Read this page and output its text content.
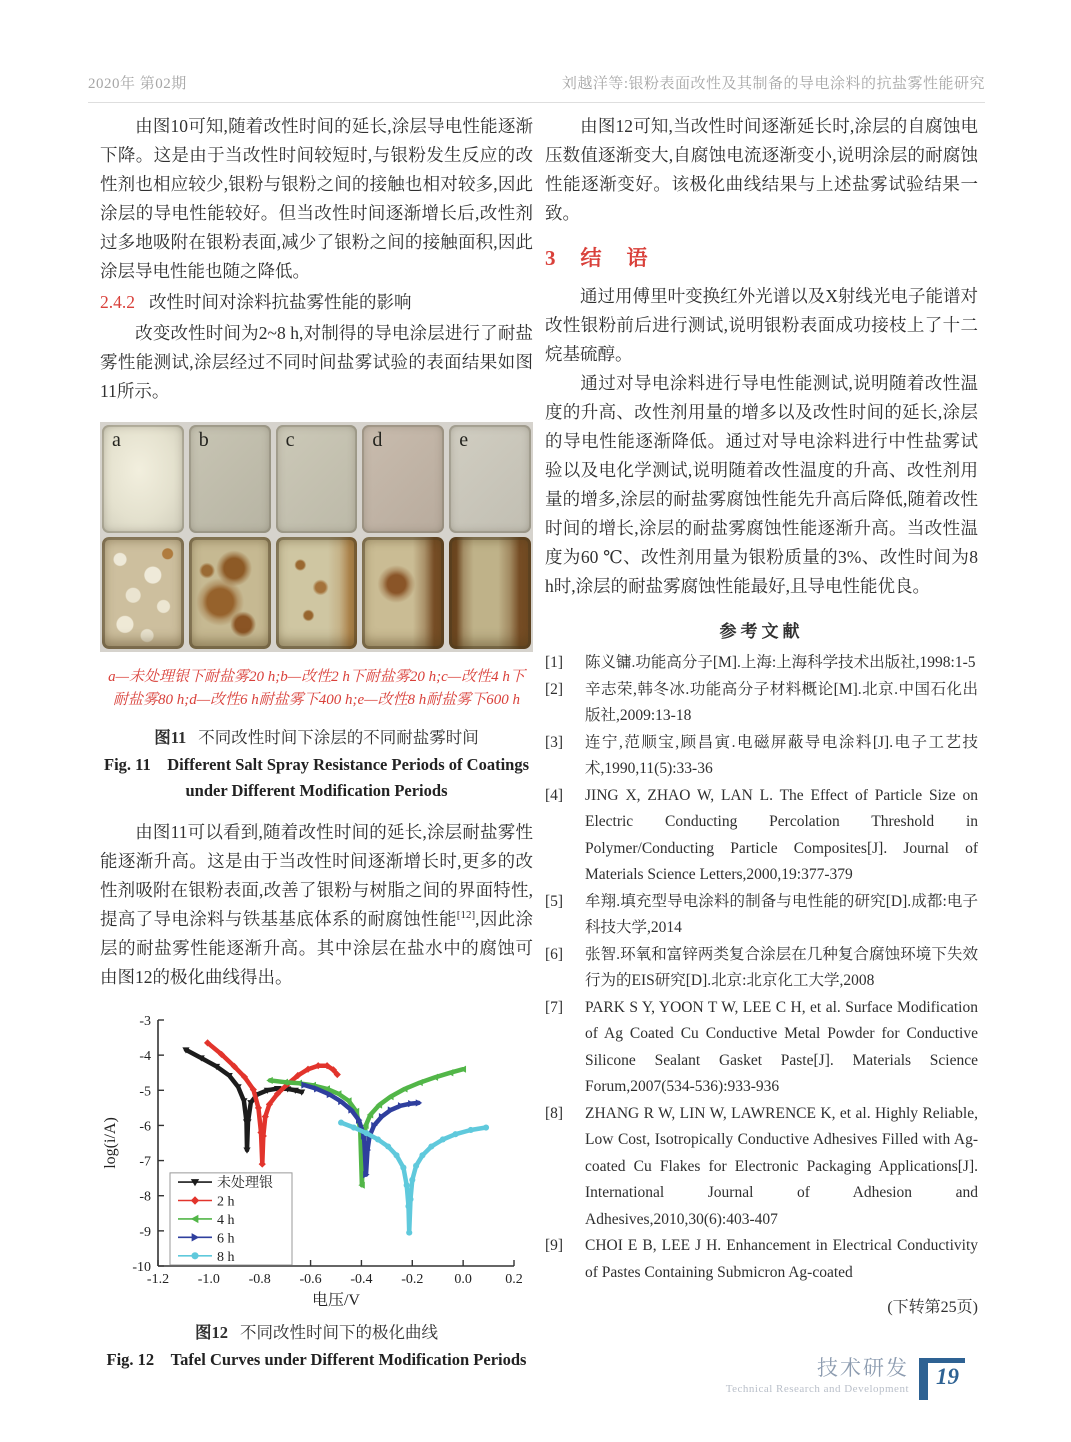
2020年 第02期	刘越洋等:银粉表面改性及其制备的导电涂料的抗盐雾性能研究

由图10可知,随着改性时间的延长,涂层导电性能逐渐下降。这是由于当改性时间较短时,与银粉发生反应的改性剂也相应较少,银粉与银粉之间的接触也相对较多,因此涂层的导电性能较好。但当改性时间逐渐增长后,改性剂过多地吸附在银粉表面,减少了银粉之间的接触面积,因此涂层导电性能也随之降低。

2.4.2 改性时间对涂料抗盐雾性能的影响

改变改性时间为2~8 h,对制得的导电涂层进行了耐盐雾性能测试,涂层经过不同时间盐雾试验的表面结果如图11所示。

a	b	c	d	e
a—未处理银下耐盐雾20 h;b—改性2 h下耐盐雾20 h;c—改性4 h下耐盐雾80 h;d—改性6 h耐盐雾下400 h;e—改性8 h耐盐雾下600 h
图11 不同改性时间下涂层的不同耐盐雾时间
Fig. 11　Different Salt Spray Resistance Periods of Coatings under Different Modification Periods

由图11可以看到,随着改性时间的延长,涂层耐盐雾性能逐渐升高。这是由于当改性时间逐渐增长时,更多的改性剂吸附在银粉表面,改善了银粉与树脂之间的界面特性,提高了导电涂料与铁基基底体系的耐腐蚀性能[12],因此涂层的耐盐雾性能逐渐升高。其中涂层在盐水中的腐蚀可由图12的极化曲线得出。

-1.2 -1.0 -0.8 -0.6 -0.4 -0.2 0.0 0.2
-3
-4
-5
-6
-7
-8
-9
-10
电压/V
log(i/A)
未处理银
2 h
4 h
6 h
8 h
图12 不同改性时间下的极化曲线
Fig. 12　Tafel Curves under Different Modification Periods

由图12可知,当改性时间逐渐延长时,涂层的自腐蚀电压数值逐渐变大,自腐蚀电流逐渐变小,说明涂层的耐腐蚀性能逐渐变好。该极化曲线结果与上述盐雾试验结果一致。

3　结　语

通过用傅里叶变换红外光谱以及X射线光电子能谱对改性银粉前后进行测试,说明银粉表面成功接枝上了十二烷基硫醇。

通过对导电涂料进行导电性能测试,说明随着改性温度的升高、改性剂用量的增多以及改性时间的延长,涂层的导电性能逐渐降低。通过对导电涂料进行中性盐雾试验以及电化学测试,说明随着改性温度的升高、改性剂用量的增多,涂层的耐盐雾腐蚀性能先升高后降低,随着改性时间的增长,涂层的耐盐雾腐蚀性能逐渐升高。当改性温度为60 ℃、改性剂用量为银粉质量的3%、改性时间为8 h时,涂层的耐盐雾腐蚀性能最好,且导电性能优良。

参考文献
[1]	陈义镛.功能高分子[M].上海:上海科学技术出版社,1998:1-5
[2]	辛志荣,韩冬冰.功能高分子材料概论[M].北京.中国石化出版社,2009:13-18
[3]	连宁,范顺宝,顾昌寅.电磁屏蔽导电涂料[J].电子工艺技术,1990,11(5):33-36
[4]	JING X, ZHAO W, LAN L. The Effect of Particle Size on Electric Conducting Percolation Threshold in Polymer/Conducting Particle Composites[J]. Journal of Materials Science Letters,2000,19:377-379
[5]	牟翔.填充型导电涂料的制备与电性能的研究[D].成都:电子科技大学,2014
[6]	张智.环氧和富锌两类复合涂层在几种复合腐蚀环境下失效行为的EIS研究[D].北京:北京化工大学,2008
[7]	PARK S Y, YOON T W, LEE C H, et al. Surface Modification of Ag Coated Cu Conductive Metal Powder for Conductive Silicone Sealant Gasket Paste[J]. Materials Science Forum,2007(534-536):933-936
[8]	ZHANG R W, LIN W, LAWRENCE K, et al. Highly Reliable, Low Cost, Isotropically Conductive Adhesives Filled with Ag-coated Cu Flakes for Electronic Packaging Applications[J]. International Journal of Adhesion and Adhesives,2010,30(6):403-407
[9]	CHOI E B, LEE J H. Enhancement in Electrical Conductivity of Pastes Containing Submicron Ag-coated
(下转第25页)
技术研发
Technical Research and Development	19
